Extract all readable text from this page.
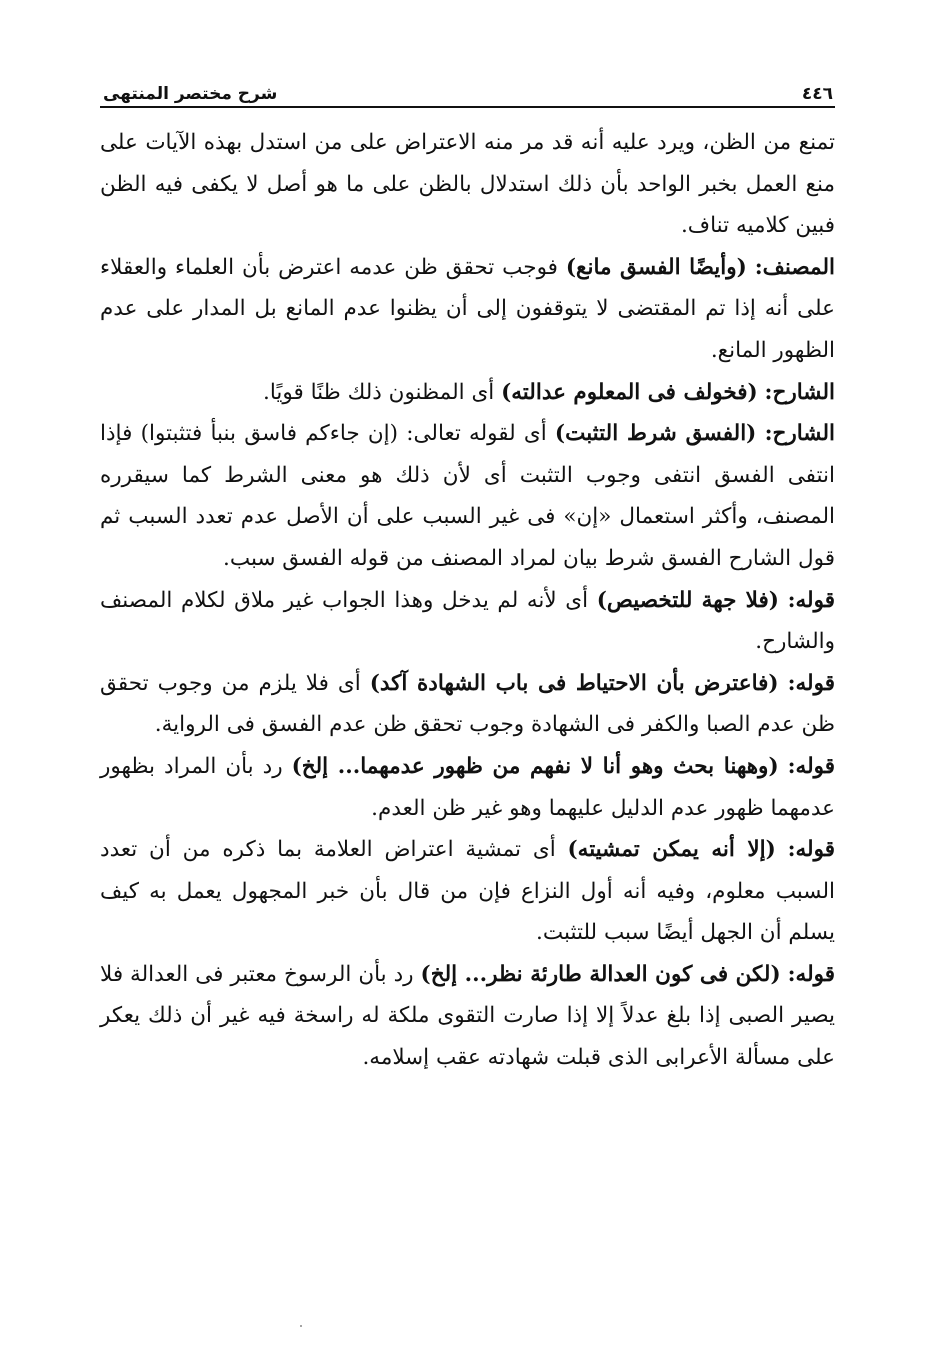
٤٤٦
شرح مختصر المنتهى

تمنع من الظن، ويرد عليه أنه قد مر منه الاعتراض على من استدل بهذه الآيات على منع العمل بخبر الواحد بأن ذلك استدلال بالظن على ما هو أصل لا يكفى فيه الظن فبين كلاميه تناف.

المصنف: (وأيضًا الفسق مانع) فوجب تحقق ظن عدمه اعترض بأن العلماء والعقلاء على أنه إذا تم المقتضى لا يتوقفون إلى أن يظنوا عدم المانع بل المدار على عدم الظهور المانع.

الشارح: (فخولف فى المعلوم عدالته) أى المظنون ذلك ظنًا قويًا.

الشارح: (الفسق شرط التثبت) أى لقوله تعالى: (إن جاءكم فاسق بنبأ فتثبتوا) فإذا انتفى الفسق انتفى وجوب التثبت أى لأن ذلك هو معنى الشرط كما سيقرره المصنف، وأكثر استعمال «إن» فى غير السبب على أن الأصل عدم تعدد السبب ثم قول الشارح الفسق شرط بيان لمراد المصنف من قوله الفسق سبب.

قوله: (فلا جهة للتخصيص) أى لأنه لم يدخل وهذا الجواب غير ملاق لكلام المصنف والشارح.

قوله: (فاعترض بأن الاحتياط فى باب الشهادة آكد) أى فلا يلزم من وجوب تحقق ظن عدم الصبا والكفر فى الشهادة وجوب تحقق ظن عدم الفسق فى الرواية.

قوله: (وههنا بحث وهو أنا لا نفهم من ظهور عدمهما... إلخ) رد بأن المراد بظهور عدمهما ظهور عدم الدليل عليهما وهو غير ظن العدم.

قوله: (إلا أنه يمكن تمشيته) أى تمشية اعتراض العلامة بما ذكره من أن تعدد السبب معلوم، وفيه أنه أول النزاع فإن من قال بأن خبر المجهول يعمل به كيف يسلم أن الجهل أيضًا سبب للتثبت.

قوله: (لكن فى كون العدالة طارئة نظر... إلخ) رد بأن الرسوخ معتبر فى العدالة فلا يصير الصبى إذا بلغ عدلاً إلا إذا صارت التقوى ملكة له راسخة فيه غير أن ذلك يعكر على مسألة الأعرابى الذى قبلت شهادته عقب إسلامه.
